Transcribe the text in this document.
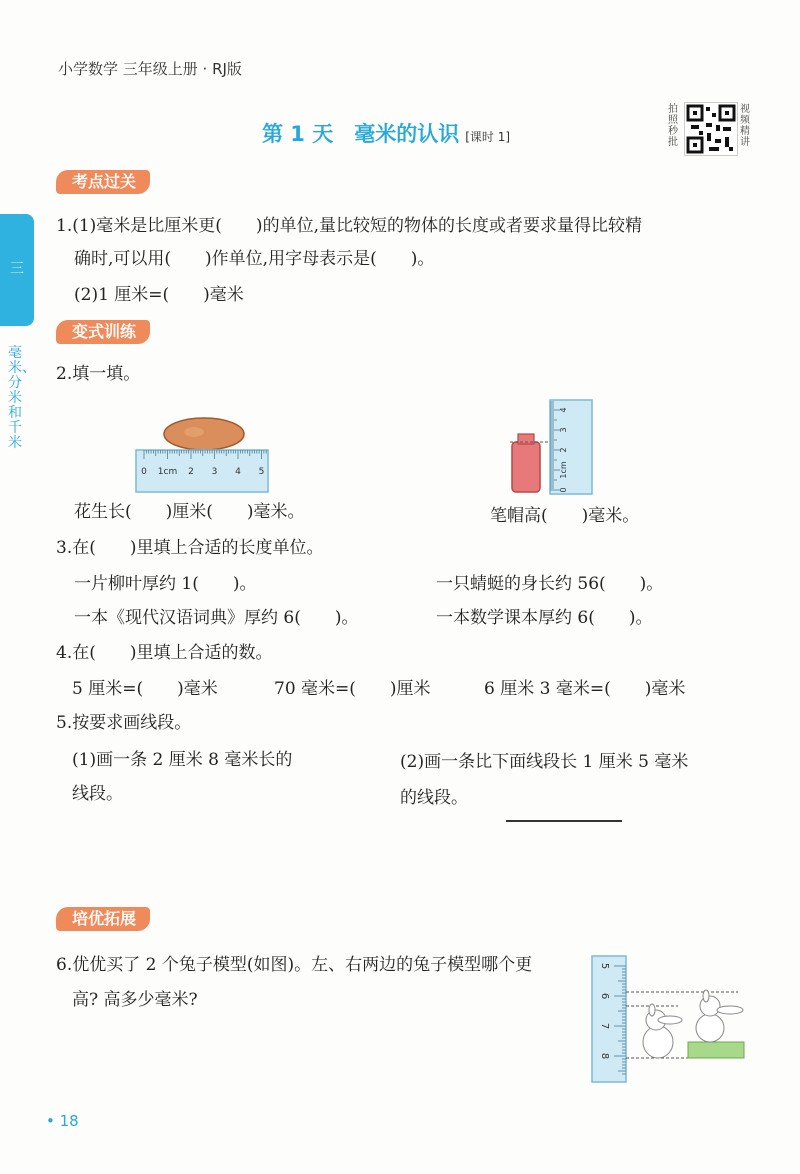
小学数学 三年级上册 · RJ版
第 1 天　毫米的认识 [课时 1]
拍照秒批
视频精讲
三
毫米、分米和千米
考点过关
1.(1)毫米是比厘米更(　　)的单位,量比较短的物体的长度或者要求量得比较精
确时,可以用(　　)作单位,用字母表示是(　　)。
(2)1 厘米=(　　)毫米
变式训练
2.填一填。
0 1cm 2 3 4 5
0
1cm
2
3
4
花生长(　　)厘米(　　)毫米。	笔帽高(　　)毫米。
3.在(　　)里填上合适的长度单位。
一片柳叶厚约 1(　　)。	一只蜻蜓的身长约 56(　　)。
一本《现代汉语词典》厚约 6(　　)。	一本数学课本厚约 6(　　)。
4.在(　　)里填上合适的数。
5 厘米=(　　)毫米	70 毫米=(　　)厘米	6 厘米 3 毫米=(　　)毫米
5.按要求画线段。
(1)画一条 2 厘米 8 毫米长的
线段。
(2)画一条比下面线段长 1 厘米 5 毫米
的线段。
培优拓展
6.优优买了 2 个兔子模型(如图)。左、右两边的兔子模型哪个更
高? 高多少毫米?
5
6
7
8
• 18
